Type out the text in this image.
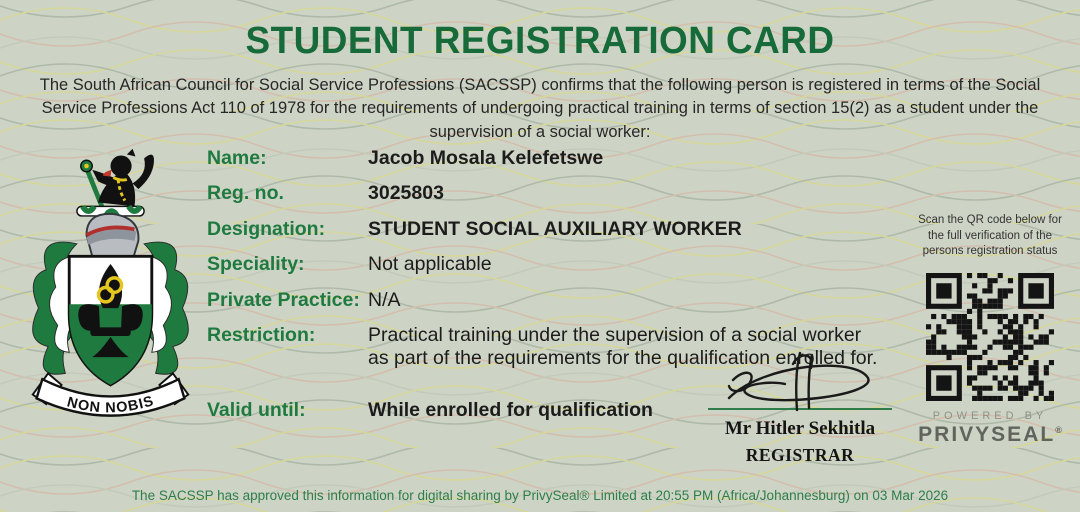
STUDENT REGISTRATION CARD
The South African Council for Social Service Professions (SACSSP) confirms that the following person is registered in terms of the Social Service Professions Act 110 of 1978 for the requirements of undergoing practical training in terms of section 15(2) as a student under the supervision of a social worker:
NON NOBIS
Name:	Jacob Mosala Kelefetswe
Reg. no.	3025803
Designation:	STUDENT SOCIAL AUXILIARY WORKER
Speciality:	Not applicable
Private Practice: N/A
Restriction:	Practical training under the supervision of a social worker as part of the requirements for the qualification enrolled for.
Valid until:	While enrolled for qualification
Scan the QR code below for the full verification of the persons registration status
POWERED BY
PRIVYSEAL®
Mr Hitler Sekhitla
REGISTRAR
The SACSSP has approved this information for digital sharing by PrivySeal® Limited at 20:55 PM (Africa/Johannesburg) on 03 Mar 2026
